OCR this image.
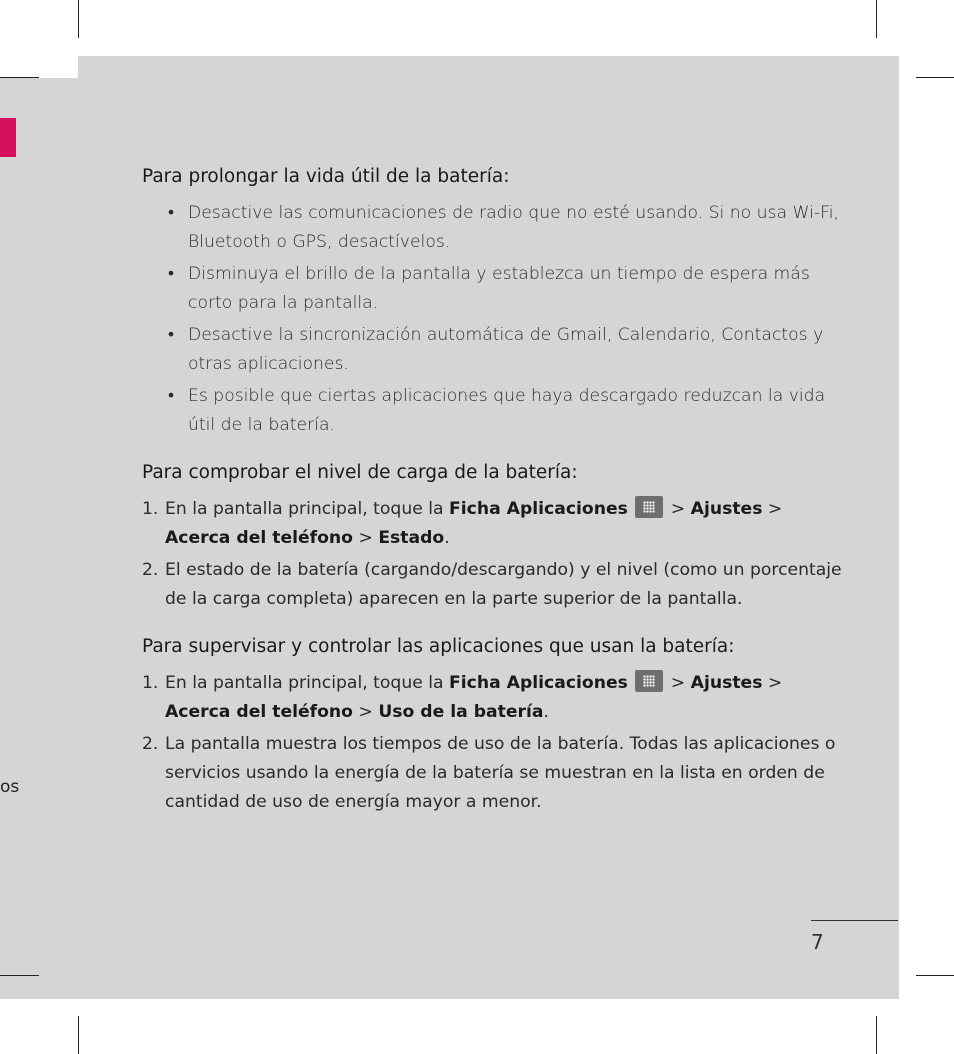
os
Para prolongar la vida útil de la batería:
• Desactive las comunicaciones de radio que no esté usando. Si no usa Wi-Fi, Bluetooth o GPS, desactívelos.
• Disminuya el brillo de la pantalla y establezca un tiempo de espera más corto para la pantalla.
• Desactive la sincronización automática de Gmail, Calendario, Contactos y otras aplicaciones.
• Es posible que ciertas aplicaciones que haya descargado reduzcan la vida útil de la batería.
Para comprobar el nivel de carga de la batería:
1. En la pantalla principal, toque la Ficha Aplicaciones
> Ajustes > Acerca del teléfono > Estado.
2. El estado de la batería (cargando/descargando) y el nivel (como un porcentaje de la carga completa) aparecen en la parte superior de la pantalla.
Para supervisar y controlar las aplicaciones que usan la batería:
1. En la pantalla principal, toque la Ficha Aplicaciones
> Ajustes > Acerca del teléfono > Uso de la batería.
2. La pantalla muestra los tiempos de uso de la batería. Todas las aplicaciones o servicios usando la energía de la batería se muestran en la lista en orden de cantidad de uso de energía mayor a menor.
7
